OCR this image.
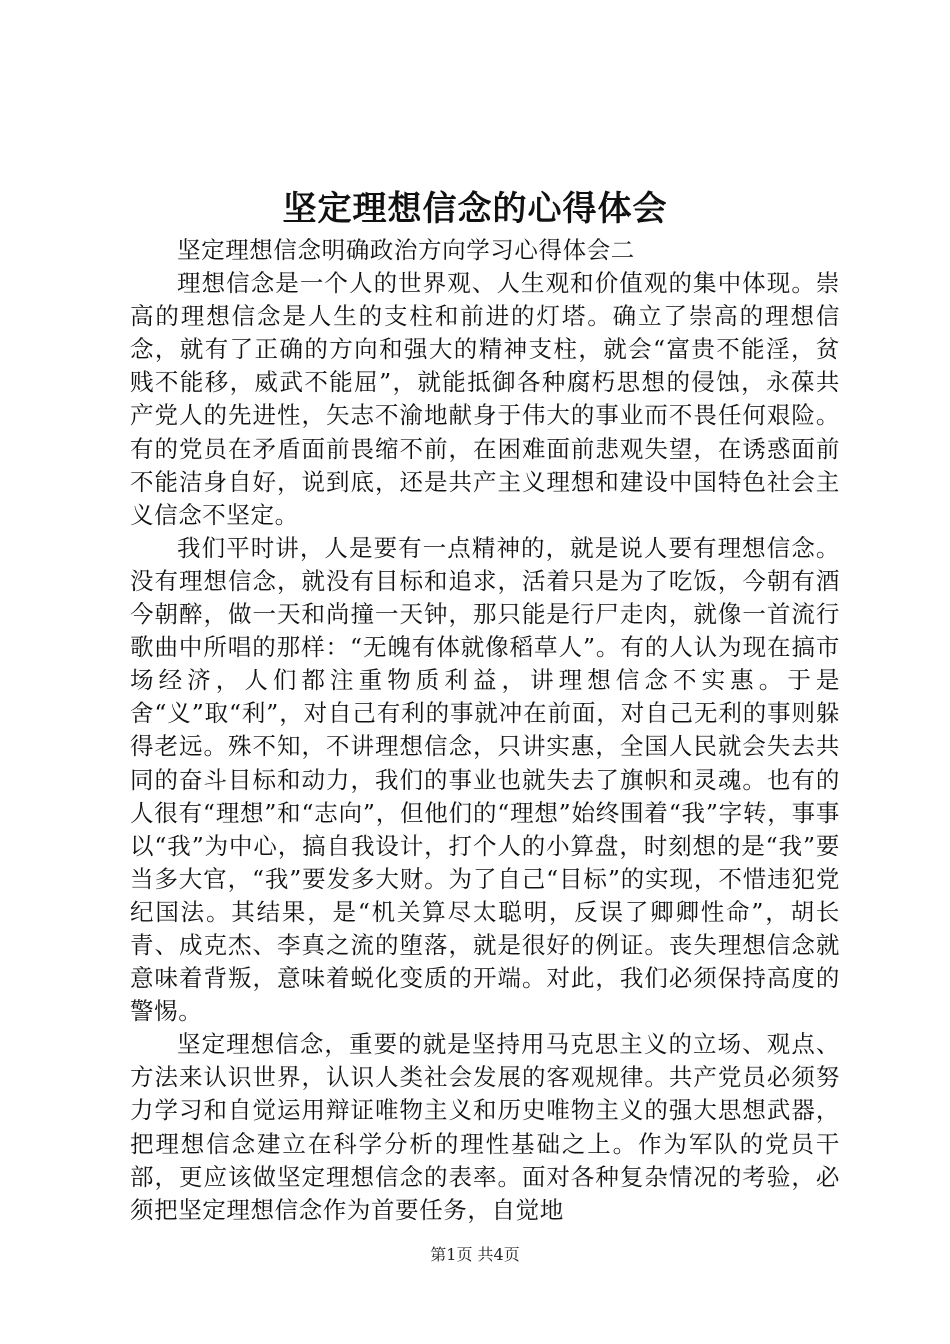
坚定理想信念的心得体会

坚定理想信念明确政治方向学习心得体会二

理想信念是一个人的世界观、人生观和价值观的集中体现。崇高的理想信念是人生的支柱和前进的灯塔。确立了崇高的理想信念，就有了正确的方向和强大的精神支柱，就会“富贵不能淫，贫贱不能移，威武不能屈”，就能抵御各种腐朽思想的侵蚀，永葆共产党人的先进性，矢志不渝地献身于伟大的事业而不畏任何艰险。有的党员在矛盾面前畏缩不前，在困难面前悲观失望，在诱惑面前不能洁身自好，说到底，还是共产主义理想和建设中国特色社会主义信念不坚定。

我们平时讲，人是要有一点精神的，就是说人要有理想信念。没有理想信念，就没有目标和追求，活着只是为了吃饭，今朝有酒今朝醉，做一天和尚撞一天钟，那只能是行尸走肉，就像一首流行歌曲中所唱的那样：“无魄有体就像稻草人”。有的人认为现在搞市场经济，人们都注重物质利益，讲理想信念不实惠。于是舍“义”取“利”，对自己有利的事就冲在前面，对自己无利的事则躲得老远。殊不知，不讲理想信念，只讲实惠，全国人民就会失去共同的奋斗目标和动力，我们的事业也就失去了旗帜和灵魂。也有的人很有“理想”和“志向”，但他们的“理想”始终围着“我”字转，事事以“我”为中心，搞自我设计，打个人的小算盘，时刻想的是“我”要当多大官，“我”要发多大财。为了自己“目标”的实现，不惜违犯党纪国法。其结果，是“机关算尽太聪明，反误了卿卿性命”，胡长青、成克杰、李真之流的堕落，就是很好的例证。丧失理想信念就意味着背叛，意味着蜕化变质的开端。对此，我们必须保持高度的警惕。

坚定理想信念，重要的就是坚持用马克思主义的立场、观点、方法来认识世界，认识人类社会发展的客观规律。共产党员必须努力学习和自觉运用辩证唯物主义和历史唯物主义的强大思想武器，把理想信念建立在科学分析的理性基础之上。作为军队的党员干部，更应该做坚定理想信念的表率。面对各种复杂情况的考验，必须把坚定理想信念作为首要任务，自觉地

第1页 共4页
